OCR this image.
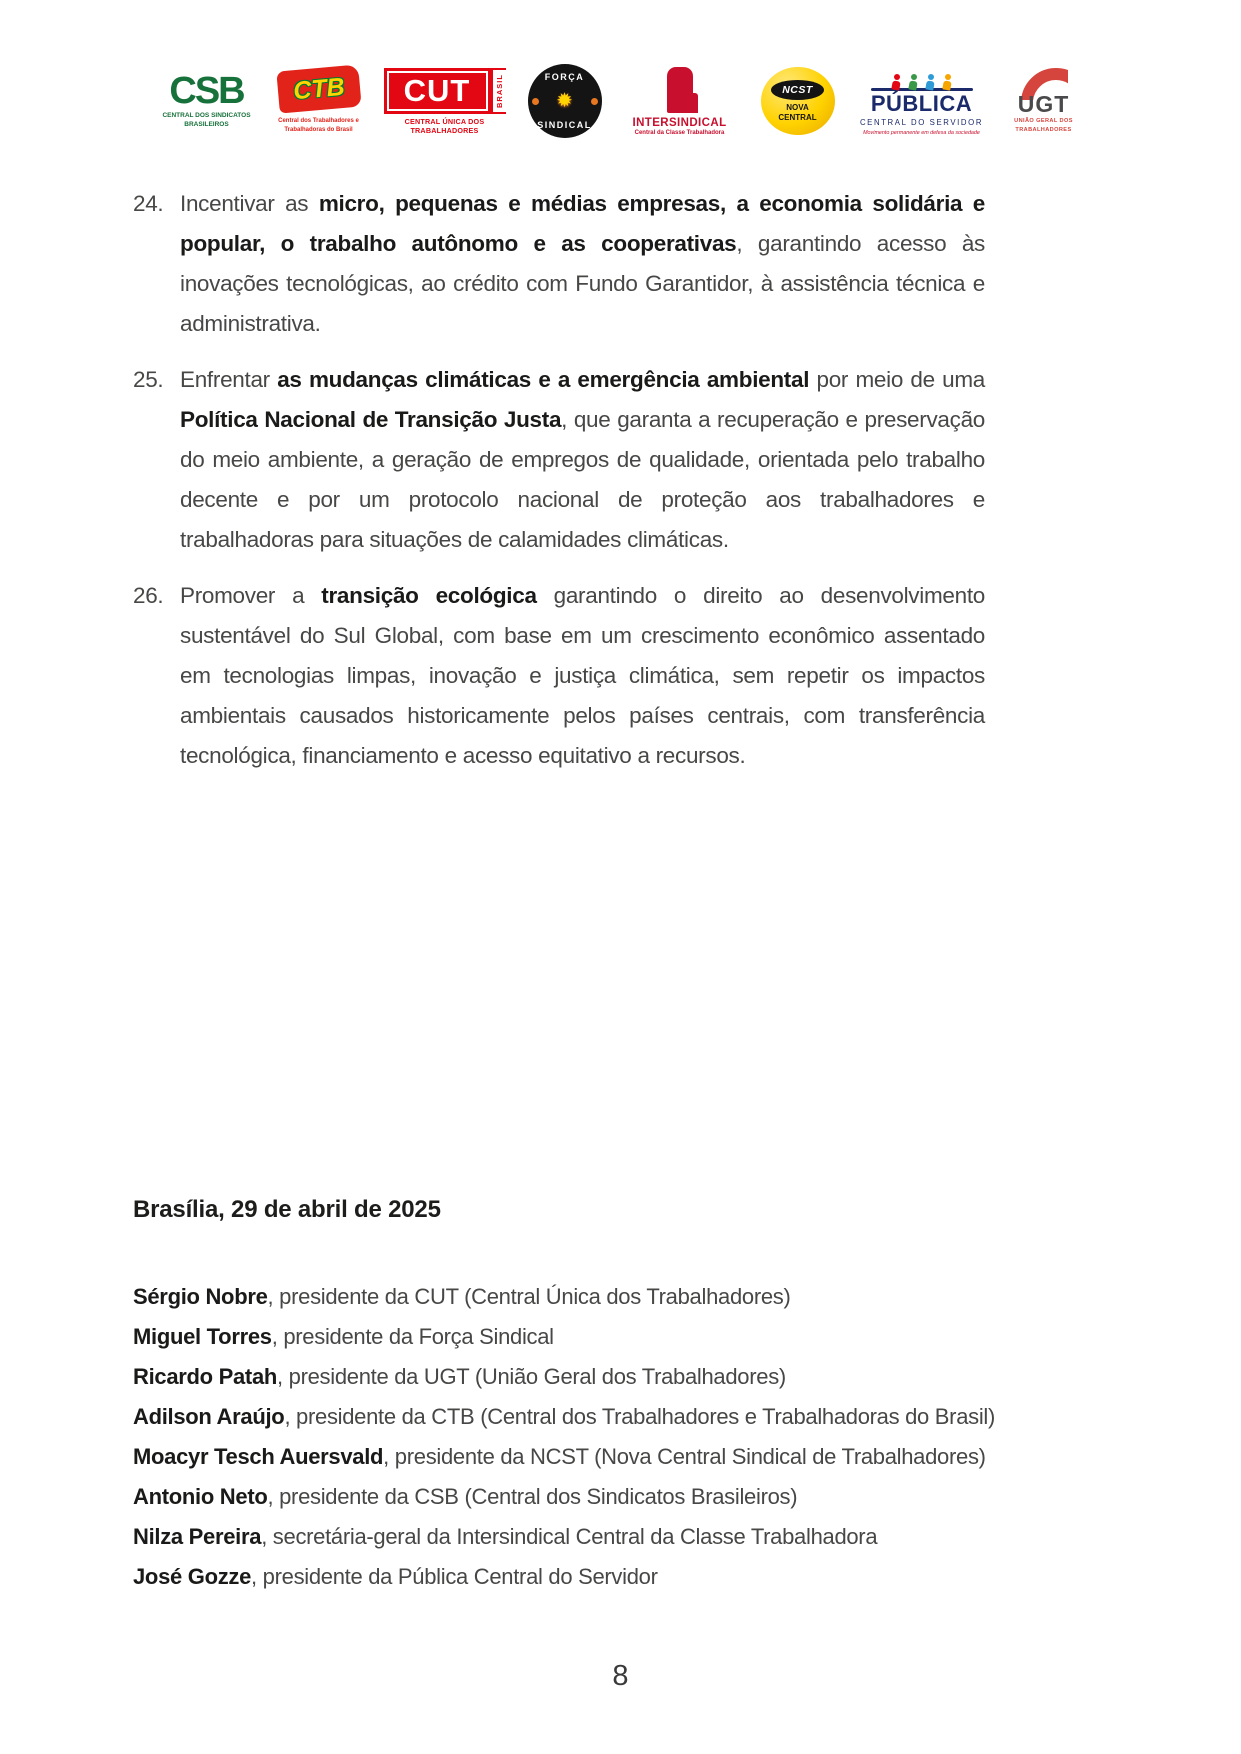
CSB
CENTRAL DOS SINDICATOS BRASILEIROS
CTB
Central dos Trabalhadores e Trabalhadoras do Brasil
CUT	BRASIL
CENTRAL ÚNICA DOS TRABALHADORES
FORÇA
✹
SINDICAL	INTERSINDICAL
Central da Classe Trabalhadora
NCST
NOVA CENTRAL
PÚBLICA
CENTRAL DO SERVIDOR
Movimento permanente em defesa da sociedade
UGT
UNIÃO GERAL DOS TRABALHADORES
24. Incentivar as micro, pequenas e médias empresas, a economia solidária e popular, o trabalho autônomo e as cooperativas, garantindo acesso às inovações tecnológicas, ao crédito com Fundo Garantidor, à assistência técnica e administrativa.
25. Enfrentar as mudanças climáticas e a emergência ambiental por meio de uma Política Nacional de Transição Justa, que garanta a recuperação e preservação do meio ambiente, a geração de empregos de qualidade, orientada pelo trabalho decente e por um protocolo nacional de proteção aos trabalhadores e trabalhadoras para situações de calamidades climáticas.
26. Promover a transição ecológica garantindo o direito ao desenvolvimento sustentável do Sul Global, com base em um crescimento econômico assentado em tecnologias limpas, inovação e justiça climática, sem repetir os impactos ambientais causados historicamente pelos países centrais, com transferência tecnológica, financiamento e acesso equitativo a recursos.

Brasília, 29 de abril de 2025

Sérgio Nobre, presidente da CUT (Central Única dos Trabalhadores)

Miguel Torres, presidente da Força Sindical

Ricardo Patah, presidente da UGT (União Geral dos Trabalhadores)

Adilson Araújo, presidente da CTB (Central dos Trabalhadores e Trabalhadoras do Brasil)

Moacyr Tesch Auersvald, presidente da NCST (Nova Central Sindical de Trabalhadores)

Antonio Neto, presidente da CSB (Central dos Sindicatos Brasileiros)

Nilza Pereira, secretária-geral da Intersindical Central da Classe Trabalhadora

José Gozze, presidente da Pública Central do Servidor

8
